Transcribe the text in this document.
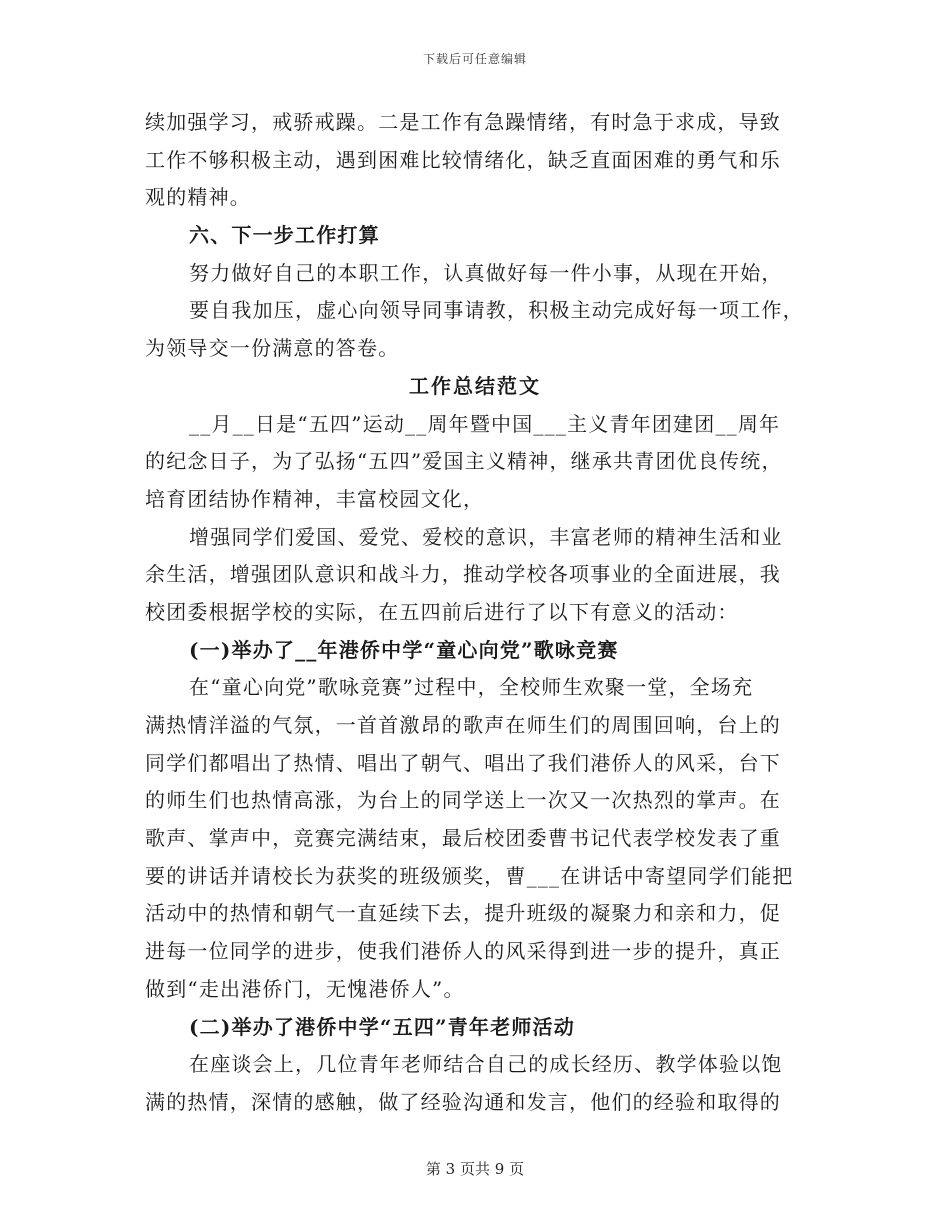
下载后可任意编辑
续加强学习，戒骄戒躁。二是工作有急躁情绪，有时急于求成，导致
工作不够积极主动，遇到困难比较情绪化，缺乏直面困难的勇气和乐
观的精神。
六、下一步工作打算
努力做好自己的本职工作，认真做好每一件小事，从现在开始，
要自我加压，虚心向领导同事请教，积极主动完成好每一项工作，
为领导交一份满意的答卷。
工作总结范文
__月__日是“五四”运动__周年暨中国___主义青年团建团__周年
的纪念日子，为了弘扬“五四”爱国主义精神，继承共青团优良传统，
培育团结协作精神，丰富校园文化，
增强同学们爱国、爱党、爱校的意识，丰富老师的精神生活和业
余生活，增强团队意识和战斗力，推动学校各项事业的全面进展，我
校团委根据学校的实际，在五四前后进行了以下有意义的活动：
(一)举办了__年港侨中学“童心向党”歌咏竞赛
在“童心向党”歌咏竞赛”过程中，全校师生欢聚一堂，全场充
满热情洋溢的气氛，一首首激昂的歌声在师生们的周围回响，台上的
同学们都唱出了热情、唱出了朝气、唱出了我们港侨人的风采，台下
的师生们也热情高涨，为台上的同学送上一次又一次热烈的掌声。在
歌声、掌声中，竞赛完满结束，最后校团委曹书记代表学校发表了重
要的讲话并请校长为获奖的班级颁奖，曹___在讲话中寄望同学们能把
活动中的热情和朝气一直延续下去，提升班级的凝聚力和亲和力，促
进每一位同学的进步，使我们港侨人的风采得到进一步的提升，真正
做到“走出港侨门，无愧港侨人”。
(二)举办了港侨中学“五四”青年老师活动
在座谈会上，几位青年老师结合自己的成长经历、教学体验以饱
满的热情，深情的感触，做了经验沟通和发言，他们的经验和取得的
第 3 页共 9 页
